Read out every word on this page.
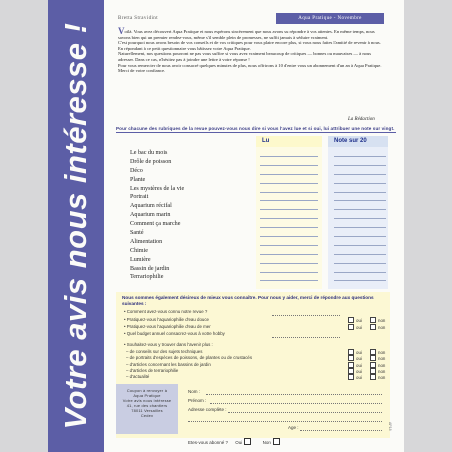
Votre avis nous intéresse !
Bretta Stravidint	Aqua Pratique - Novembre

Voilà. Vous avez découvert Aqua Pratique et nous espérons sincèrement que nous avons su répondre à vos attentes. En même temps, nous savons bien qui un premier rendez-vous, même s'il semble plein de promesses, ne suffit jamais à séduire vraiment.

C'est pourquoi nous avons besoin de vos conseils et de vos critiques pour vous plaire encore plus, si vous nous faites l'amitié de revenir à nous.

En répondant à ce petit questionnaire vous bâtissez votre Aqua Pratique.

Naturellement, nos questions pourront ne pas vous suffire si vous avez vraiment beaucoup de critiques — bonnes ou mauvaises — à nous adresser. Dans ce cas, n'hésitez pas à joindre une lettre à votre réponse !

Pour vous remercier de nous avoir consacré quelques minutes de plus, nous offrirons à 10 d'entre vous un abonnement d'un an à Aqua Pratique.

Merci de votre confiance.

La Rédaction
Pour chacune des rubriques de la revue pouvez-vous nous dire si vous l'avez lue et si oui, lui attribuer une note sur vingt.
Lu	Note sur 20
Le bac du mois
Drôle de poisson
Déco
Plante
Les mystères de la vie
Portrait
Aquarium récifal
Aquarium marin
Comment ça marche
Santé
Alimentation
Chimie
Lumière
Bassin de jardin
Terrariophilie
Nous sommes également désireux de mieux vous connaître. Pour nous y aider, merci de répondre aux questions suivantes :
• Comment avez-vous connu notre revue ?
• Pratiquez-vous l'aquariophilie d'eau douce	oui	non
• Pratiquez-vous l'aquariophilie d'eau de mer	oui	non
• Quel budget annuel consacrez-vous à votre hobby
• Souhaitez-vous y trouver dans l'avenir plus :
– de conseils sur des sujets techniques	oui	non
– de portraits d'espèces de poissons, de plantes ou de crustacés	oui	non
– d'articles concernant les bassins de jardin	oui	non
– d'articles de terrariophilie	oui	non
– d'actualité	oui	non
Coupon à renvoyer à
Aqua Pratique
Votre avis nous intéresse
41, rue des chantiers
78011 Versailles
Cedex
Nom :
Prénom :
Adresse complète :
Age :
Etes-vous abonné ? Oui	Non
AP18
